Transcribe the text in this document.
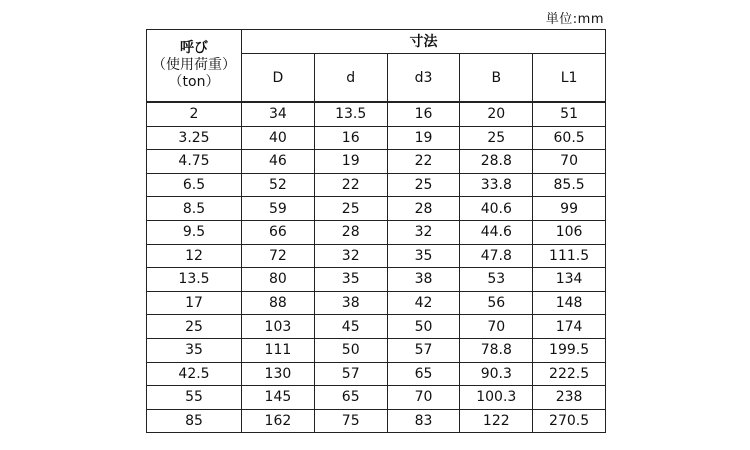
単位:mm
呼び
（使用荷重）
（ton）	寸法				
	D	d	d3	B	L1
2	34	13.5	16	20	51
3.25	40	16	19	25	60.5
4.75	46	19	22	28.8	70
6.5	52	22	25	33.8	85.5
8.5	59	25	28	40.6	99
9.5	66	28	32	44.6	106
12	72	32	35	47.8	111.5
13.5	80	35	38	53	134
17	88	38	42	56	148
25	103	45	50	70	174
35	111	50	57	78.8	199.5
42.5	130	57	65	90.3	222.5
55	145	65	70	100.3	238
85	162	75	83	122	270.5
